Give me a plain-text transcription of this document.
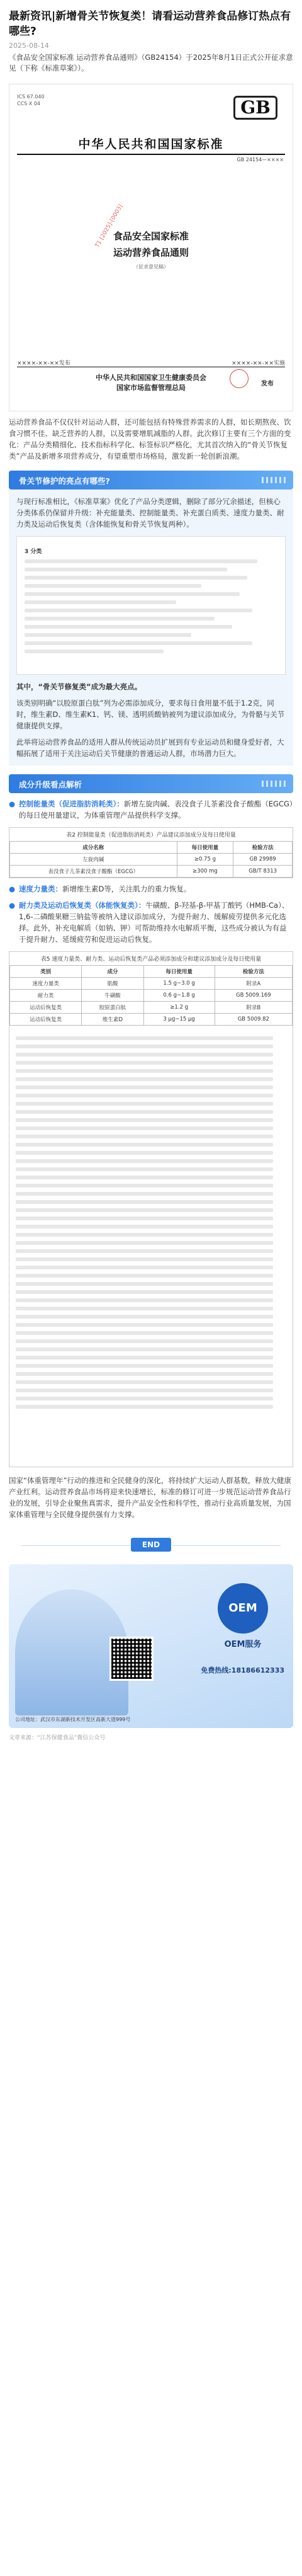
最新资讯|新增骨关节恢复类！请看运动营养食品修订热点有哪些?
2025-08-14
《食品安全国家标准 运动营养食品通则》（GB24154）于2025年8月1日正式公开征求意见（下称《标准草案》）。
ICS 67.040
CCS X 04	GB
中华人民共和国国家标准
GB 24154—××××
食品安全国家标准
运动营养食品通则
（征求意见稿）
T1 [2025]-[0003]
××××-××-××发布	××××-××-××实施
中华人民共和国国家卫生健康委员会
国家市场监督管理总局	发布
运动营养食品不仅仅针对运动人群，还可能包括有特殊营养需求的人群，如长期熬夜、饮食习惯不佳、缺乏营养的人群，以及需要增肌减脂的人群。此次修订主要有三个方面的变化：产品分类精细化、技术指标科学化、标签标识严格化，尤其首次纳入的“骨关节恢复类”产品及新增多项营养成分，有望重塑市场格局，激发新一轮创新浪潮。
骨关节修护的亮点有哪些?

与现行标准相比，《标准草案》优化了产品分类逻辑，删除了部分冗余描述，但核心分类体系仍保留并升级：补充能量类、控制能量类、补充蛋白质类、速度力量类、耐力类及运动后恢复类（含体能恢复和骨关节恢复两种）。

3 分类

其中，“骨关节修复类”成为最大亮点。

该类别明确“以胶原蛋白肽”列为必需添加成分，要求每日食用量不低于1.2克，同时，维生素D、维生素K1、钙、镁、透明质酸钠被列为建议添加成分，为骨骼与关节健康提供支撑。

此举将运动营养食品的适用人群从传统运动员扩展到有专业运动员和健身爱好者，大幅拓展了适用于关注运动后关节健康的普通运动人群，市场潜力巨大。

成分升级看点解析
● 控制能量类（促进脂肪消耗类）：新增左旋肉碱、表没食子儿茶素没食子酸酯（EGCG）的每日使用量建议，为体重管理产品提供科学支撑。
表2 控制能量类（促进脂肪消耗类）产品建议添加成分及每日使用量
成分名称	每日使用量	检验方法
左旋肉碱	≥0.75 g	GB 29989
表没食子儿茶素没食子酸酯（EGCG）	≥300 mg	GB/T 8313
● 速度力量类：新增维生素D等，关注肌力的重力恢复。
● 耐力类及运动后恢复类（体能恢复类）：牛磺酸、β-羟基-β-甲基丁酸钙（HMB-Ca）、1,6-二磷酸果糖三钠盐等被纳入建议添加成分，为提升耐力、缓解疲劳提供多元化选择。此外，补充电解质（如钠、钾）可帮助维持水电解质平衡，这些成分被认为有益于提升耐力、延缓疲劳和促进运动后恢复。
表5 速度力量类、耐力类、运动后恢复类产品必须添加成分和建议添加成分及每日使用量
类别	成分	每日使用量	检验方法
速度力量类	肌酸	1.5 g~3.0 g	附录A
耐力类	牛磺酸	0.6 g~1.8 g	GB 5009.169
运动后恢复类	胶原蛋白肽	≥1.2 g	附录B
运动后恢复类	维生素D	3 μg~15 μg	GB 5009.82
国家“体重管理年”行动的推进和全民健身的深化，将持续扩大运动人群基数，释放大健康产业红利。运动营养食品市场将迎来快速增长，标准的修订可进一步规范运动营养食品行业的发展，引导企业聚焦真需求，提升产品安全性和科学性，推动行业高质量发展，为国家体重管理与全民健身提供强有力支撑。
END
OEM
OEM服务
免费热线:18186612333
公司地址：武汉市东湖新技术开发区高新大道999号
文章来源：“江苏保健食品”微信公众号
